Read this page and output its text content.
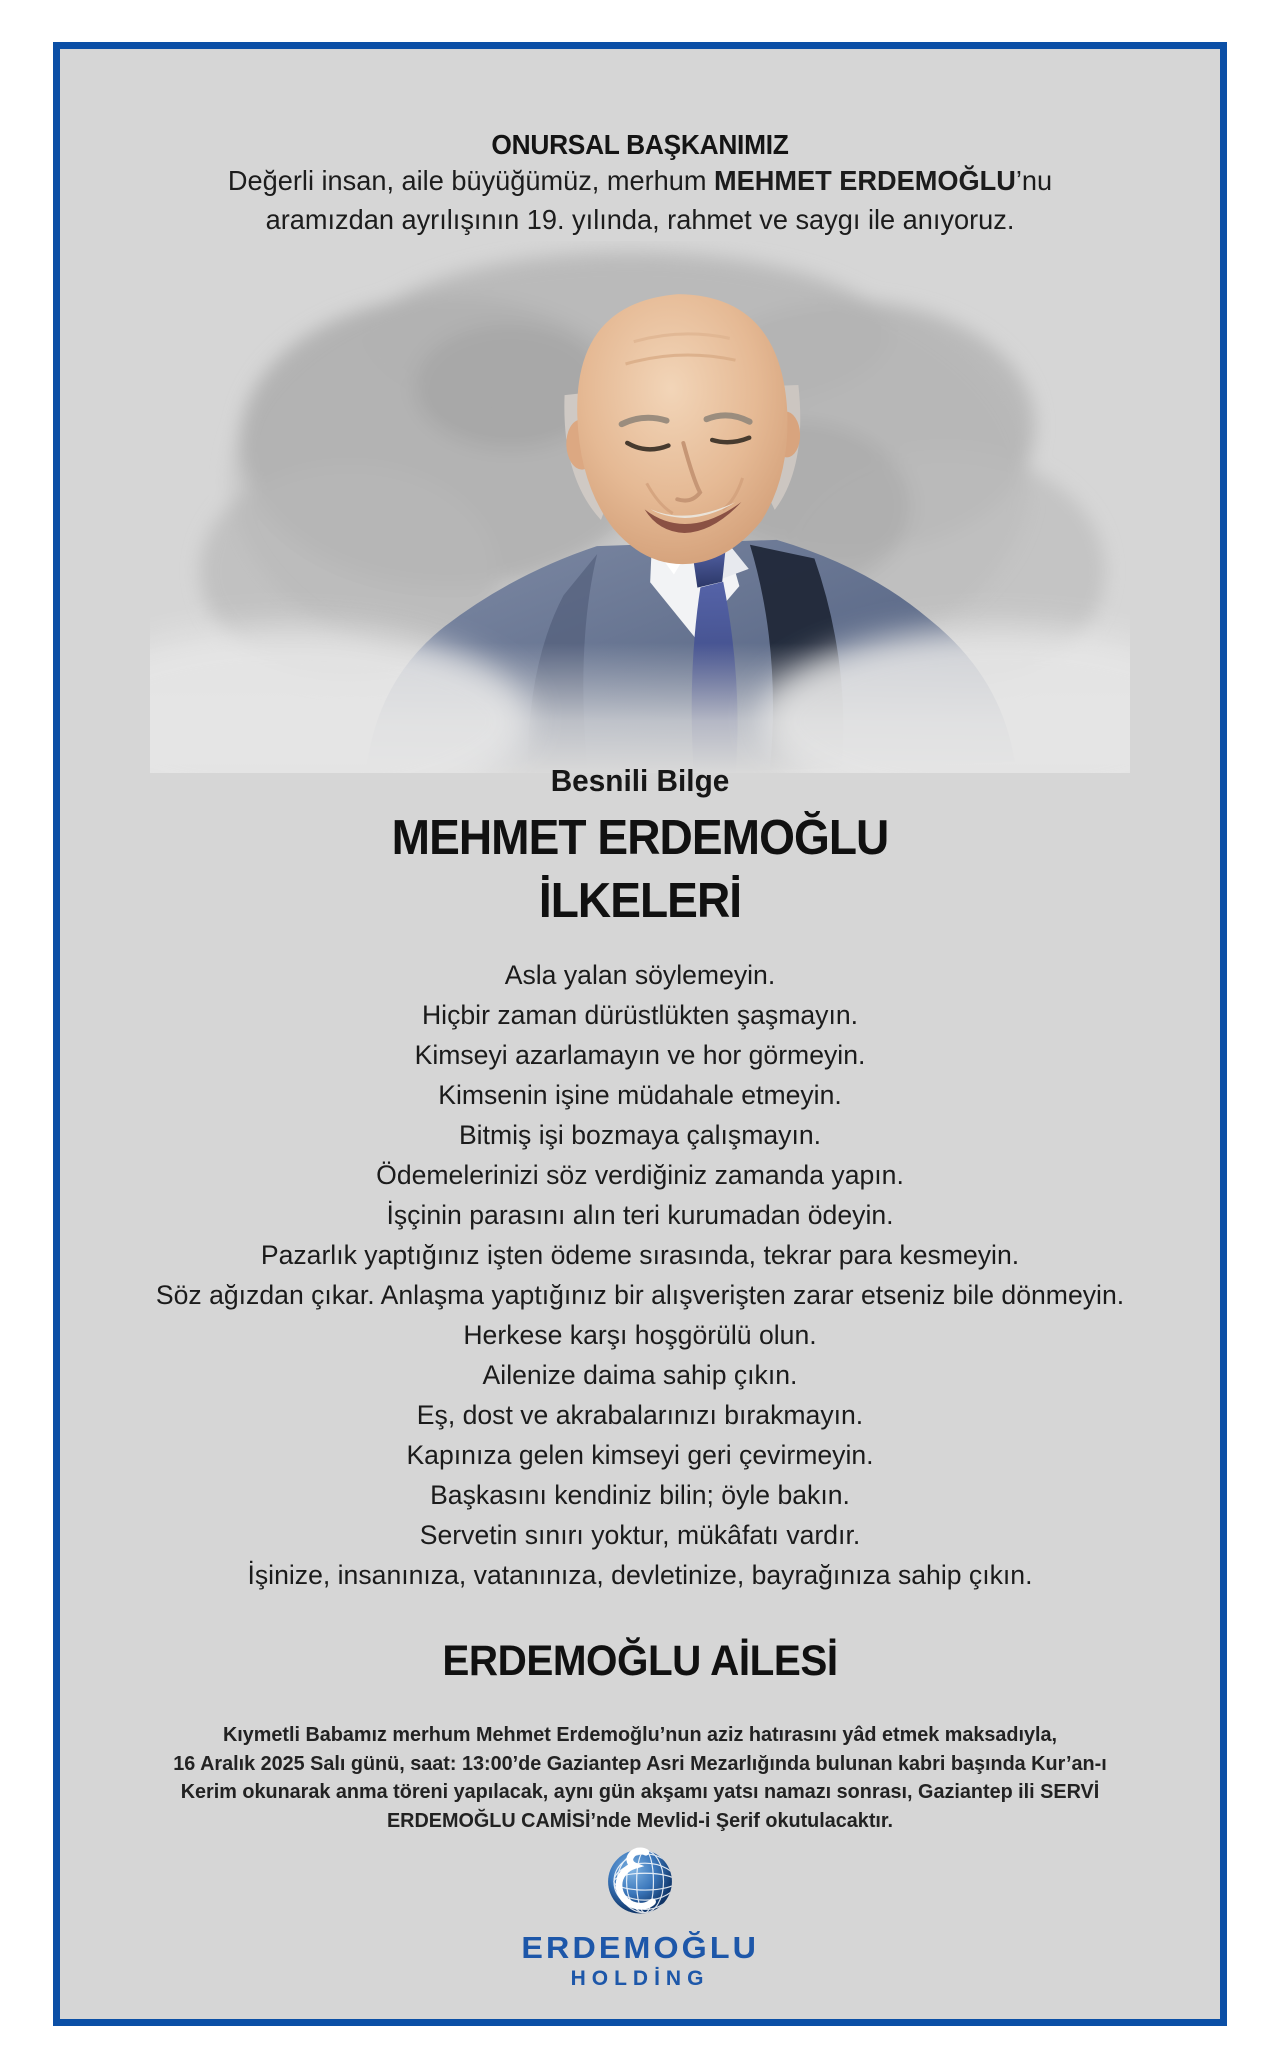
ONURSAL BAŞKANIMIZ
Değerli insan, aile büyüğümüz, merhum MEHMET ERDEMOĞLU’nu
aramızdan ayrılışının 19. yılında, rahmet ve saygı ile anıyoruz.
Besnili Bilge
MEHMET ERDEMOĞLU
İLKELERİ
Asla yalan söylemeyin.
Hiçbir zaman dürüstlükten şaşmayın.
Kimseyi azarlamayın ve hor görmeyin.
Kimsenin işine müdahale etmeyin.
Bitmiş işi bozmaya çalışmayın.
Ödemelerinizi söz verdiğiniz zamanda yapın.
İşçinin parasını alın teri kurumadan ödeyin.
Pazarlık yaptığınız işten ödeme sırasında, tekrar para kesmeyin.
Söz ağızdan çıkar. Anlaşma yaptığınız bir alışverişten zarar etseniz bile dönmeyin.
Herkese karşı hoşgörülü olun.
Ailenize daima sahip çıkın.
Eş, dost ve akrabalarınızı bırakmayın.
Kapınıza gelen kimseyi geri çevirmeyin.
Başkasını kendiniz bilin; öyle bakın.
Servetin sınırı yoktur, mükâfatı vardır.
İşinize, insanınıza, vatanınıza, devletinize, bayrağınıza sahip çıkın.
ERDEMOĞLU AİLESİ
Kıymetli Babamız merhum Mehmet Erdemoğlu’nun aziz hatırasını yâd etmek maksadıyla,
16 Aralık 2025 Salı günü, saat: 13:00’de Gaziantep Asri Mezarlığında bulunan kabri başında Kur’an-ı
Kerim okunarak anma töreni yapılacak, aynı gün akşamı yatsı namazı sonrası, Gaziantep ili SERVİ
ERDEMOĞLU CAMİSİ’nde Mevlid-i Şerif okutulacaktır.
ERDEMOĞLU
HOLDİNG
